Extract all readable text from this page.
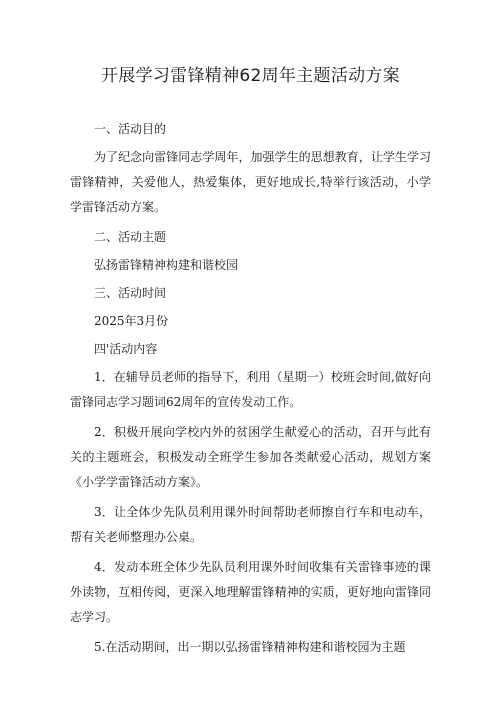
开展学习雷锋精神62周年主题活动方案

一、活动目的

为了纪念向雷锋同志学周年，加强学生的思想教育，让学生学习雷锋精神，关爱他人，热爱集体，更好地成长,特举行该活动，小学学雷锋活动方案。

二、活动主题

弘扬雷锋精神构建和谐校园

三、活动时间

2025年3月份

四'活动内容

1．在辅导员老师的指导下，利用（星期一）校班会时间,做好向雷锋同志学习题词62周年的宣传发动工作。

2．积极开展向学校内外的贫困学生献爱心的活动，召开与此有关的主题班会，积极发动全班学生参加各类献爱心活动，规划方案《小学学雷锋活动方案》。

3．让全体少先队员利用课外时间帮助老师擦自行车和电动车，帮有关老师整理办公桌。

4．发动本班全体少先队员利用课外时间收集有关雷锋事迹的课外读物，互相传阅，更深入地理解雷锋精神的实质，更好地向雷锋同志学习。

5.在活动期间，出一期以弘扬雷锋精神构建和谐校园为主题
